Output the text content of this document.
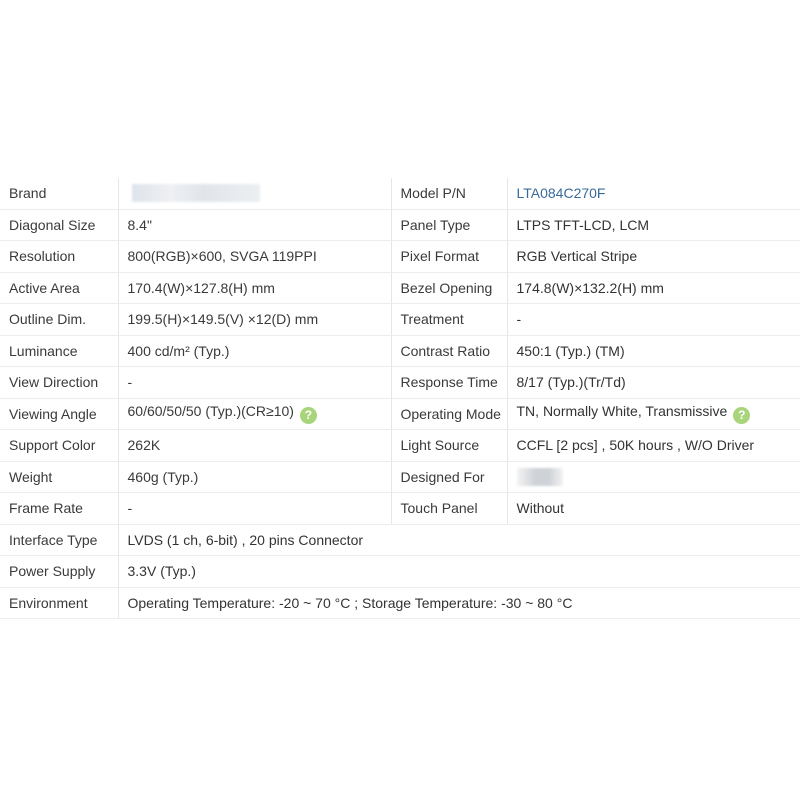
Brand		Model P/N	LTA084C270F
Diagonal Size	8.4"	Panel Type	LTPS TFT-LCD, LCM
Resolution	800(RGB)×600, SVGA 119PPI	Pixel Format	RGB Vertical Stripe
Active Area	170.4(W)×127.8(H) mm	Bezel Opening	174.8(W)×132.2(H) mm
Outline Dim.	199.5(H)×149.5(V) ×12(D) mm	Treatment	-
Luminance	400 cd/m² (Typ.)	Contrast Ratio	450:1 (Typ.) (TM)
View Direction	-	Response Time	8/17 (Typ.)(Tr/Td)
Viewing Angle	60/60/50/50 (Typ.)(CR≥10) ?	Operating Mode	TN, Normally White, Transmissive ?
Support Color	262K	Light Source	CCFL [2 pcs] , 50K hours , W/O Driver
Weight	460g (Typ.)	Designed For	
Frame Rate	-	Touch Panel	Without
Interface Type	LVDS (1 ch, 6-bit) , 20 pins Connector		
Power Supply	3.3V (Typ.)		
Environment	Operating Temperature: -20 ~ 70 °C ; Storage Temperature: -30 ~ 80 °C		
